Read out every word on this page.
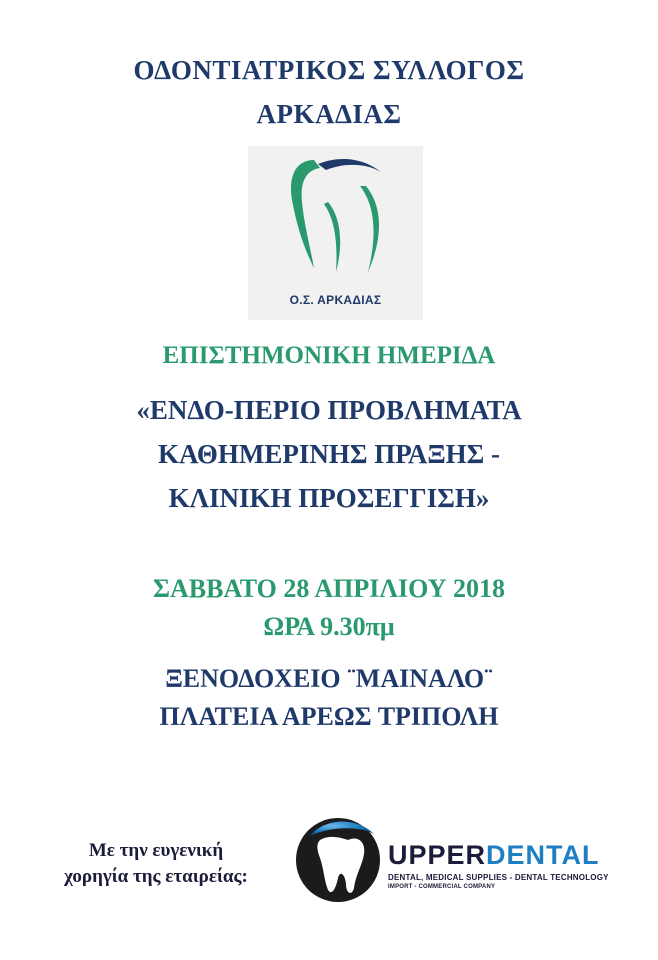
ΟΔΟΝΤΙΑΤΡΙΚΟΣ ΣΥΛΛΟΓΟΣ
ΑΡΚΑΔΙΑΣ
Ο.Σ. ΑΡΚΑΔΙΑΣ
ΕΠΙΣΤΗΜΟΝΙΚΗ ΗΜΕΡΙΔΑ
«ΕΝΔΟ-ΠΕΡΙΟ ΠΡΟΒΛΗΜΑΤΑ
ΚΑΘΗΜΕΡΙΝΗΣ ΠΡΑΞΗΣ -
ΚΛΙΝΙΚΗ ΠΡΟΣΕΓΓΙΣΗ»
ΣΑΒΒΑΤΟ 28 ΑΠΡΙΛΙΟΥ 2018
ΩΡΑ 9.30πμ
ΞΕΝΟΔΟΧΕΙΟ ¨ΜΑΙΝΑΛΟ¨
ΠΛΑΤΕΙΑ ΑΡΕΩΣ ΤΡΙΠΟΛΗ
Με την ευγενική
χορηγία της εταιρείας:
UPPERDENTAL
DENTAL, MEDICAL SUPPLIES - DENTAL TECHNOLOGY
IMPORT - COMMERCIAL COMPANY
